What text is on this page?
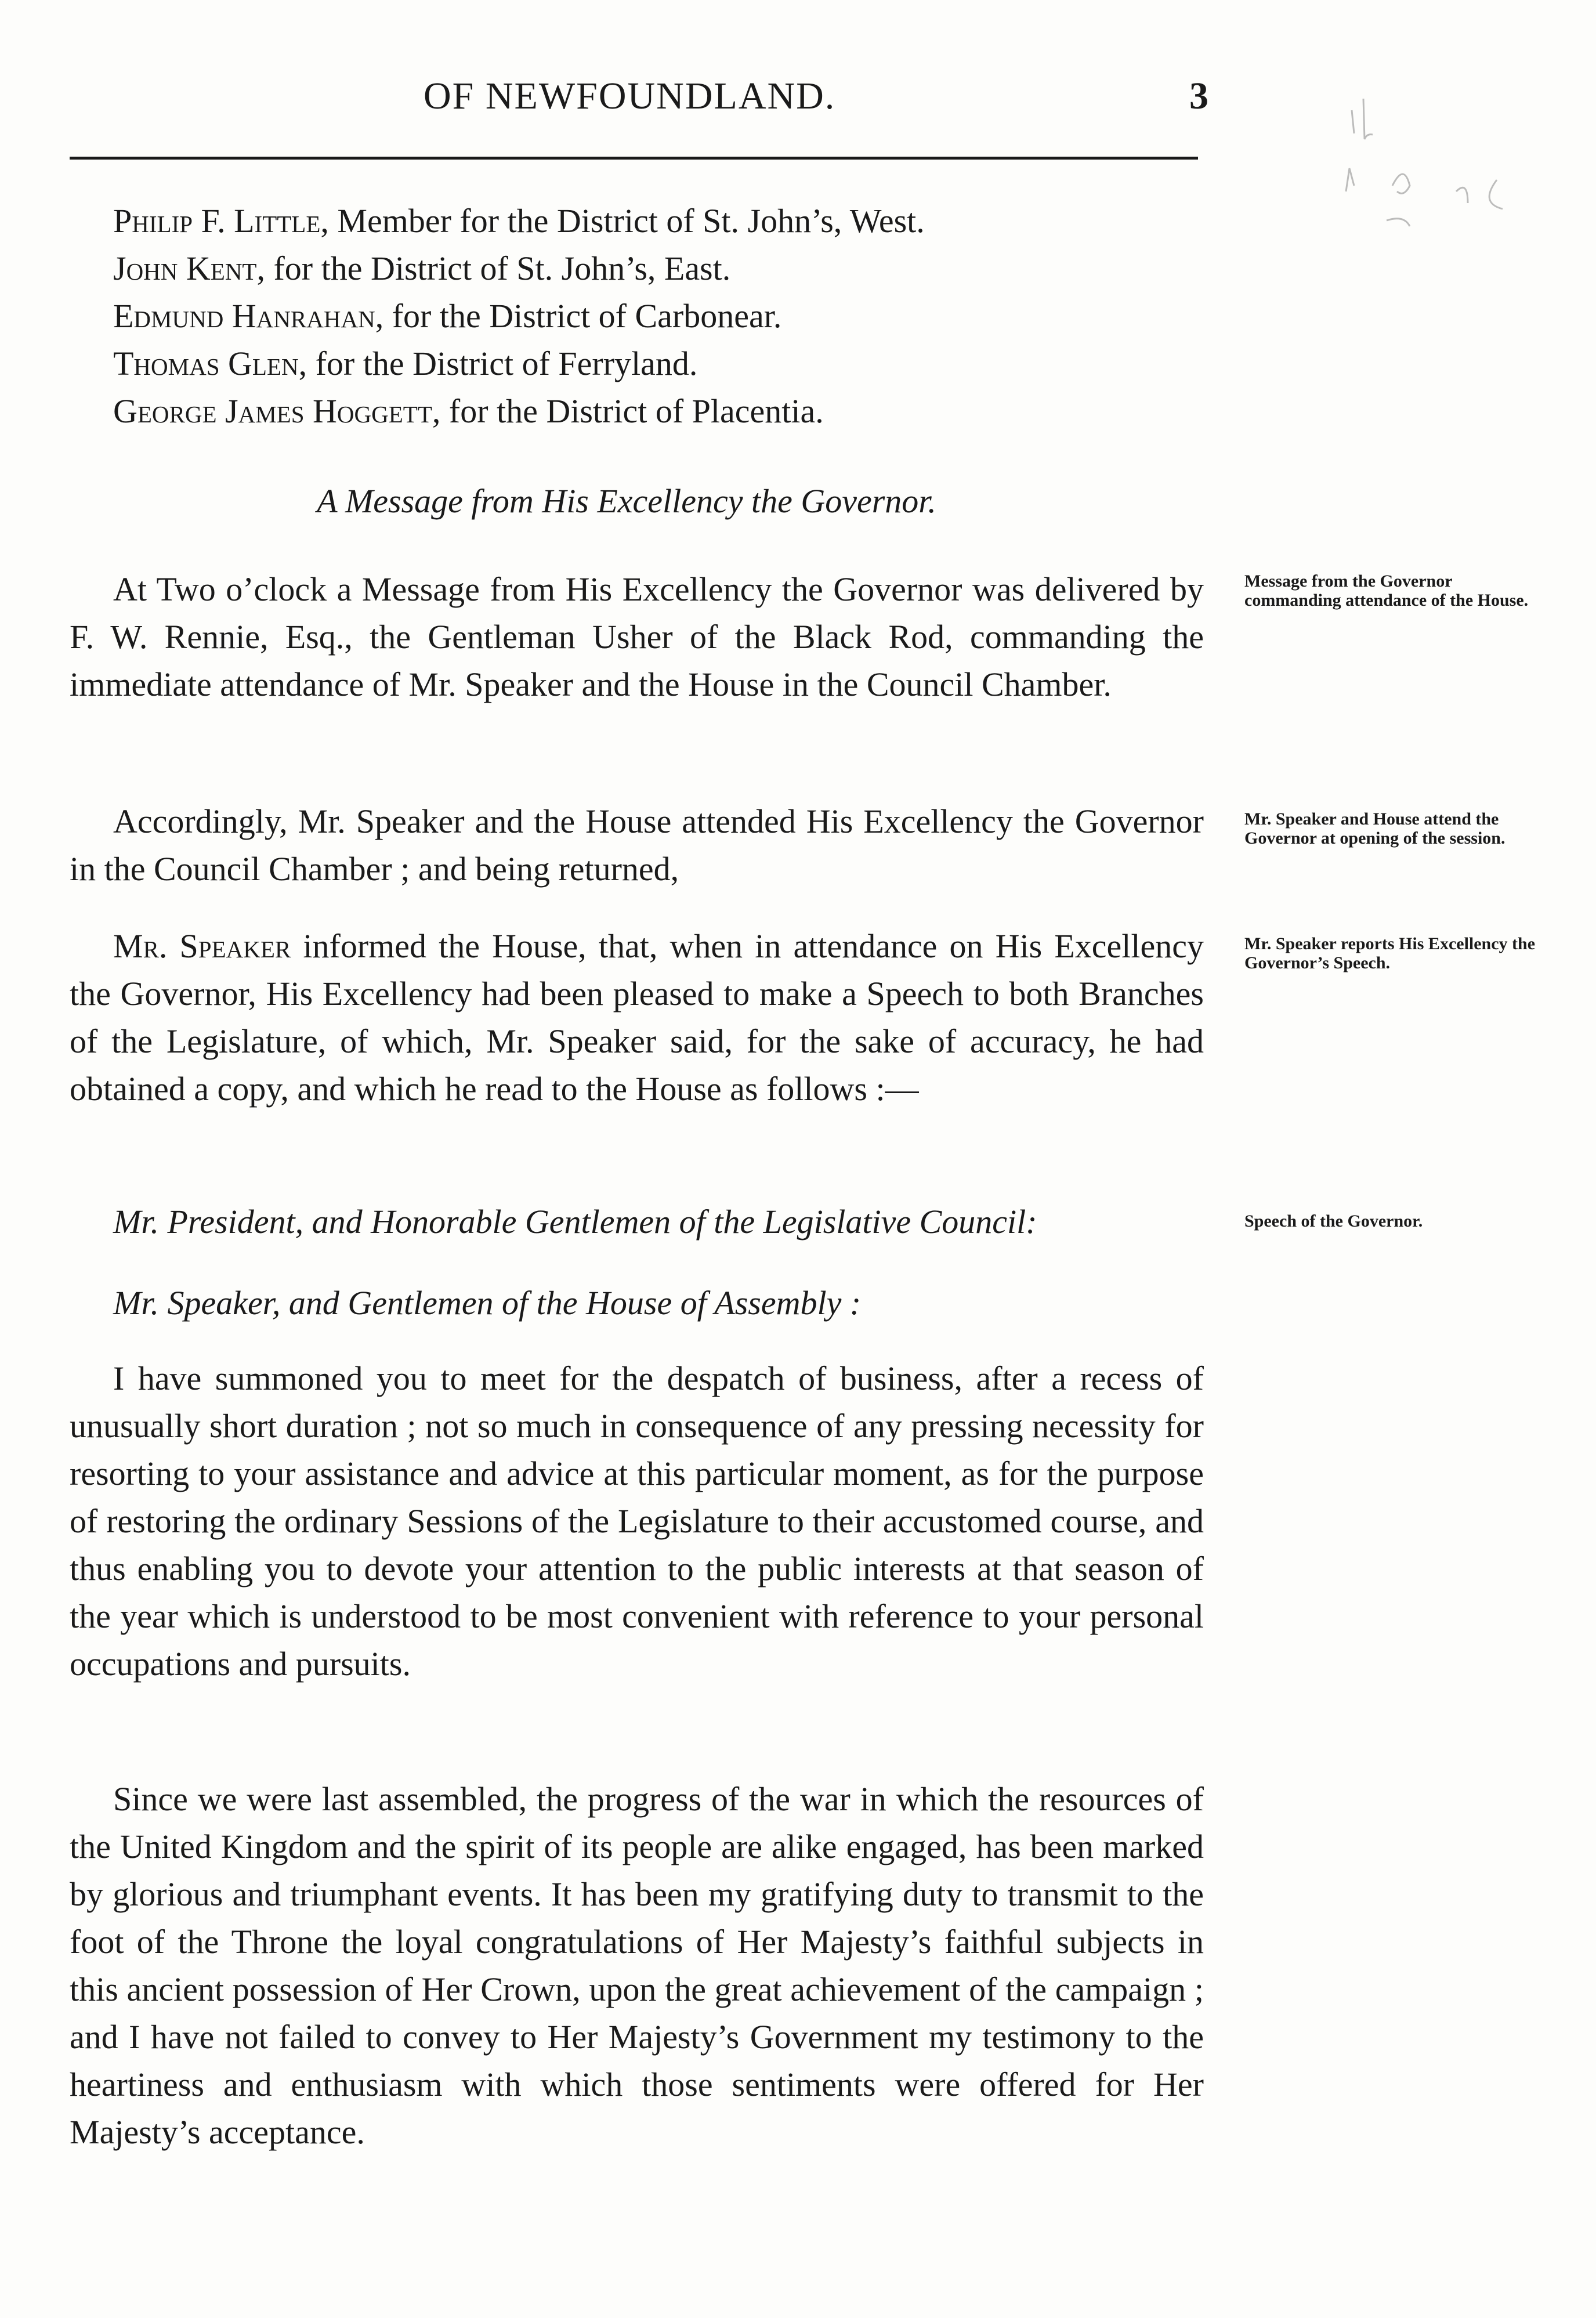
OF NEWFOUNDLAND.	3
Philip F. Little, Member for the District of St. John’s, West.
John Kent, for the District of St. John’s, East.
Edmund Hanrahan, for the District of Carbonear.
Thomas Glen, for the District of Ferryland.
George James Hoggett, for the District of Placentia.
A Message from His Excellency the Governor.
At Two o’clock a Message from His Excellency the Governor was delivered by F. W. Rennie, Esq., the Gentleman Usher of the Black Rod, commanding the immediate attendance of Mr. Speaker and the House in the Council Chamber.
Message from the Governor commanding attendance of the House.
Accordingly, Mr. Speaker and the House attended His Excellency the Governor in the Council Chamber ; and being returned,
Mr. Speaker and House attend the Governor at opening of the session.
Mr. Speaker informed the House, that, when in attendance on His Excellency the Governor, His Excellency had been pleased to make a Speech to both Branches of the Legislature, of which, Mr. Speaker said, for the sake of accuracy, he had obtained a copy, and which he read to the House as follows :—
Mr. Speaker reports His Excellency the Governor’s Speech.
Mr. President, and Honorable Gentlemen of the Legislative Council:	Speech of the Governor.
Mr. Speaker, and Gentlemen of the House of Assembly :
I have summoned you to meet for the despatch of business, after a recess of unusually short duration ; not so much in consequence of any pressing necessity for resorting to your assistance and advice at this particular moment, as for the purpose of restoring the ordinary Sessions of the Legislature to their accustomed course, and thus enabling you to devote your attention to the public interests at that season of the year which is understood to be most convenient with reference to your personal occupations and pursuits.
Since we were last assembled, the progress of the war in which the resources of the United Kingdom and the spirit of its people are alike engaged, has been marked by glorious and triumphant events. It has been my gratifying duty to transmit to the foot of the Throne the loyal congratulations of Her Majesty’s faithful subjects in this ancient possession of Her Crown, upon the great achievement of the campaign ; and I have not failed to convey to Her Majesty’s Government my testimony to the heartiness and enthusiasm with which those sentiments were offered for Her Majesty’s acceptance.
